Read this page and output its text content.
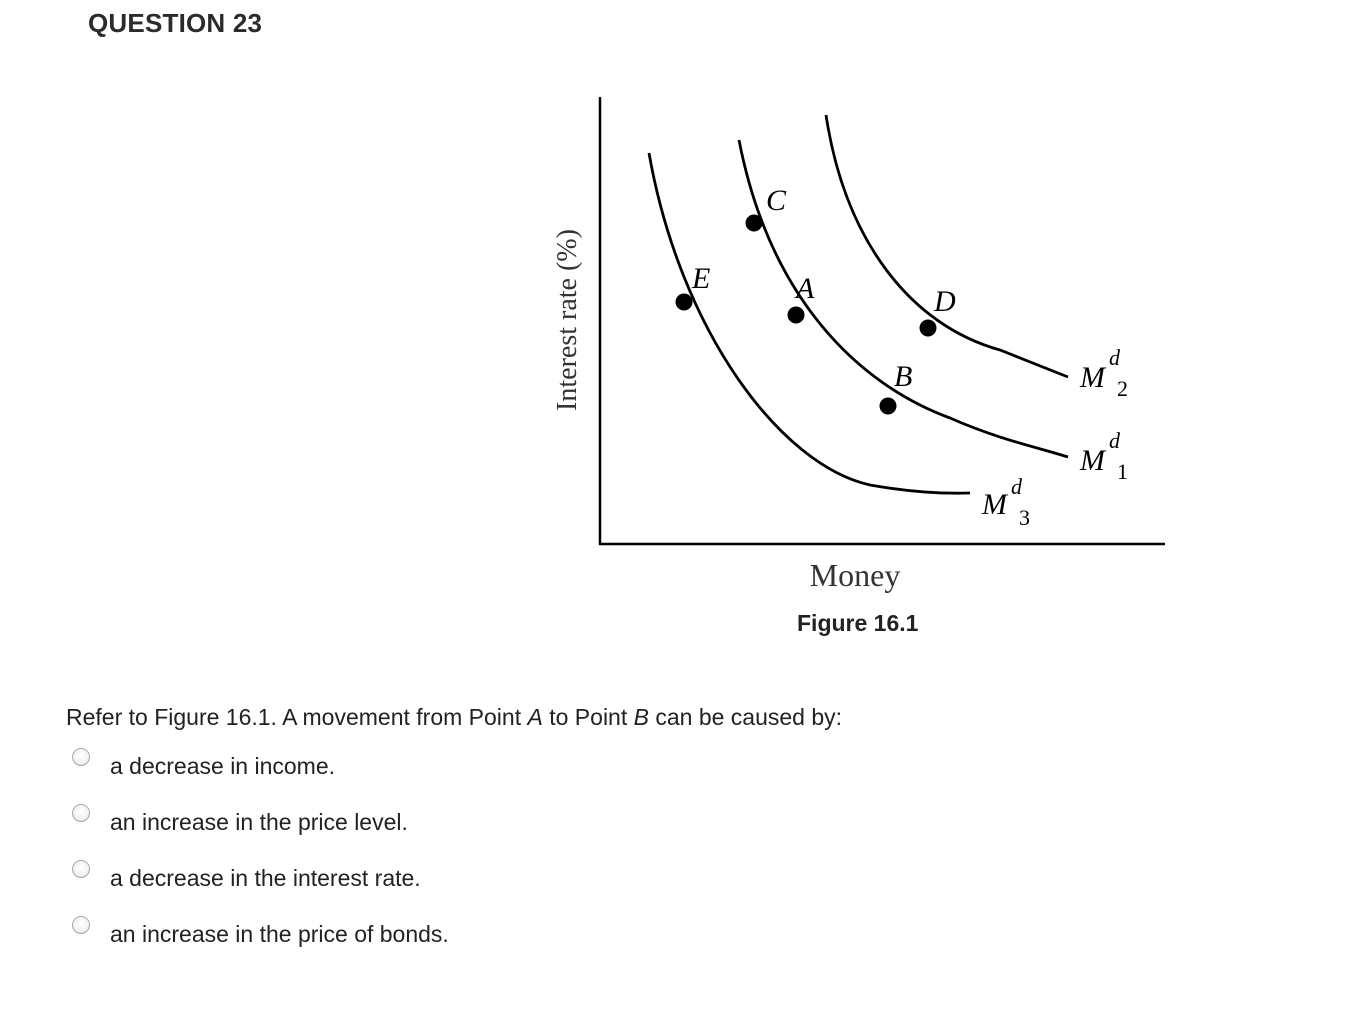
QUESTION 23
C
E	A	D
B	M
d
2
M
d
1
M
d
3
Interest rate (%)
Money
Figure 16.1
Refer to Figure 16.1. A movement from Point A to Point B can be caused by:
a decrease in income.
an increase in the price level.
a decrease in the interest rate.
an increase in the price of bonds.
